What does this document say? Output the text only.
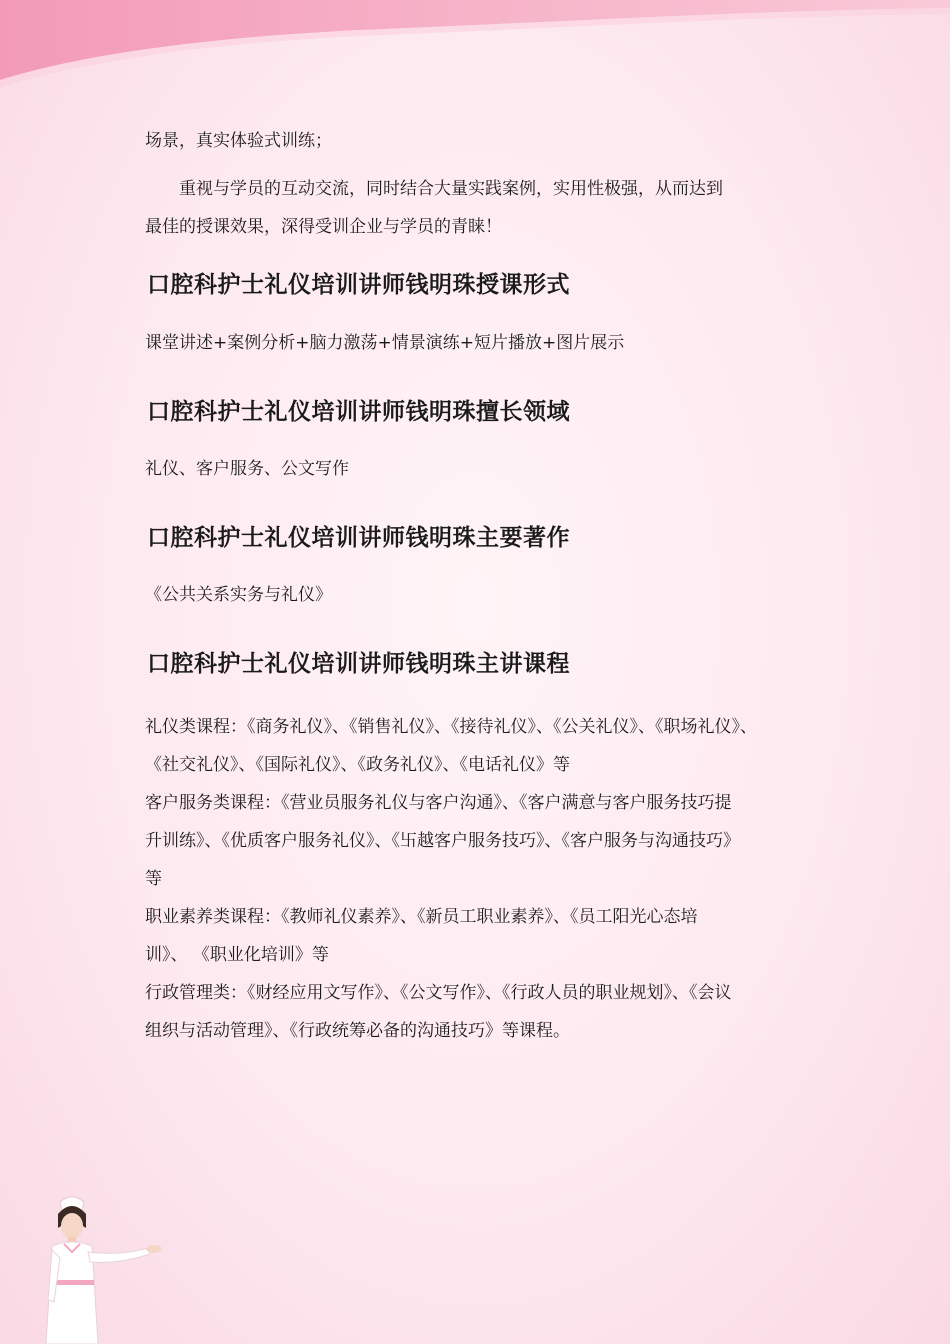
场景，真实体验式训练；
重视与学员的互动交流，同时结合大量实践案例，实用性极强，从而达到
最佳的授课效果，深得受训企业与学员的青睐！
口腔科护士礼仪培训讲师钱明珠授课形式
课堂讲述+案例分析+脑力激荡+情景演练+短片播放+图片展示
口腔科护士礼仪培训讲师钱明珠擅长领域
礼仪、客户服务、公文写作
口腔科护士礼仪培训讲师钱明珠主要著作
《公共关系实务与礼仪》
口腔科护士礼仪培训讲师钱明珠主讲课程
礼仪类课程：《商务礼仪》、《销售礼仪》、《接待礼仪》、《公关礼仪》、《职场礼仪》、
《社交礼仪》、《国际礼仪》、《政务礼仪》、《电话礼仪》等
客户服务类课程：《营业员服务礼仪与客户沟通》、《客户满意与客户服务技巧提
升训练》、《优质客户服务礼仪》、《卐越客户服务技巧》、《客户服务与沟通技巧》
等
职业素养类课程：《教师礼仪素养》、《新员工职业素养》、《员工阳光心态培
训》、 《职业化培训》等
行政管理类：《财经应用文写作》、《公文写作》、《行政人员的职业规划》、《会议
组织与活动管理》、《行政统筹必备的沟通技巧》等课程。
